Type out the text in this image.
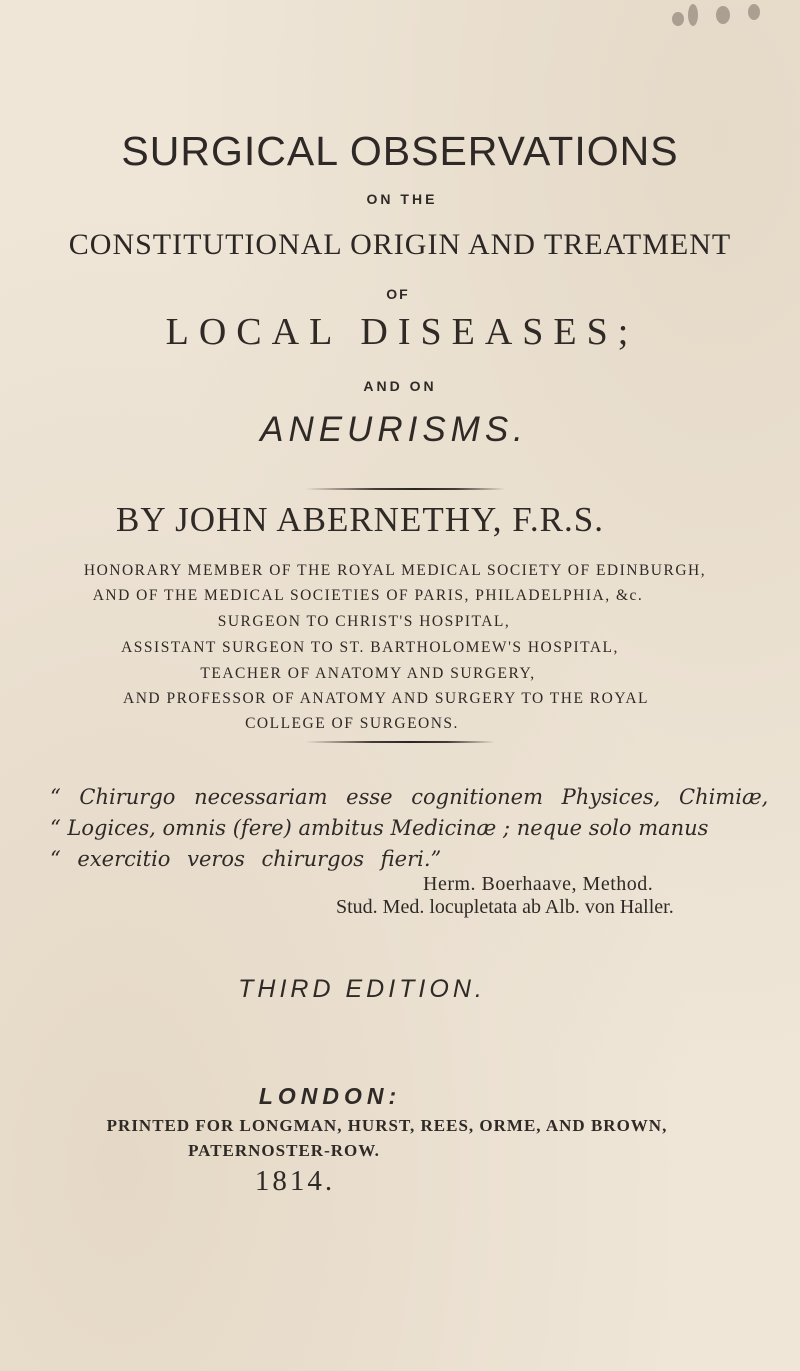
SURGICAL OBSERVATIONS
ON THE
CONSTITUTIONAL ORIGIN AND TREATMENT
OF
LOCAL DISEASES;
AND ON
ANEURISMS.
BY JOHN ABERNETHY, F.R.S.
HONORARY MEMBER OF THE ROYAL MEDICAL SOCIETY OF EDINBURGH,
AND OF THE MEDICAL SOCIETIES OF PARIS, PHILADELPHIA, &c.
SURGEON TO CHRIST'S HOSPITAL,
ASSISTANT SURGEON TO ST. BARTHOLOMEW'S HOSPITAL,
TEACHER OF ANATOMY AND SURGERY,
AND PROFESSOR OF ANATOMY AND SURGERY TO THE ROYAL
COLLEGE OF SURGEONS.
“ Chirurgo necessariam esse cognitionem Physices, Chimiæ,
“ Logices, omnis (fere) ambitus Medicinæ ; neque solo manus
“ exercitio veros chirurgos fieri.”
Herm. Boerhaave, Method.
Stud. Med. locupletata ab Alb. von Haller.
THIRD EDITION.
LONDON:
PRINTED FOR LONGMAN, HURST, REES, ORME, AND BROWN,
PATERNOSTER-ROW.
1814.
